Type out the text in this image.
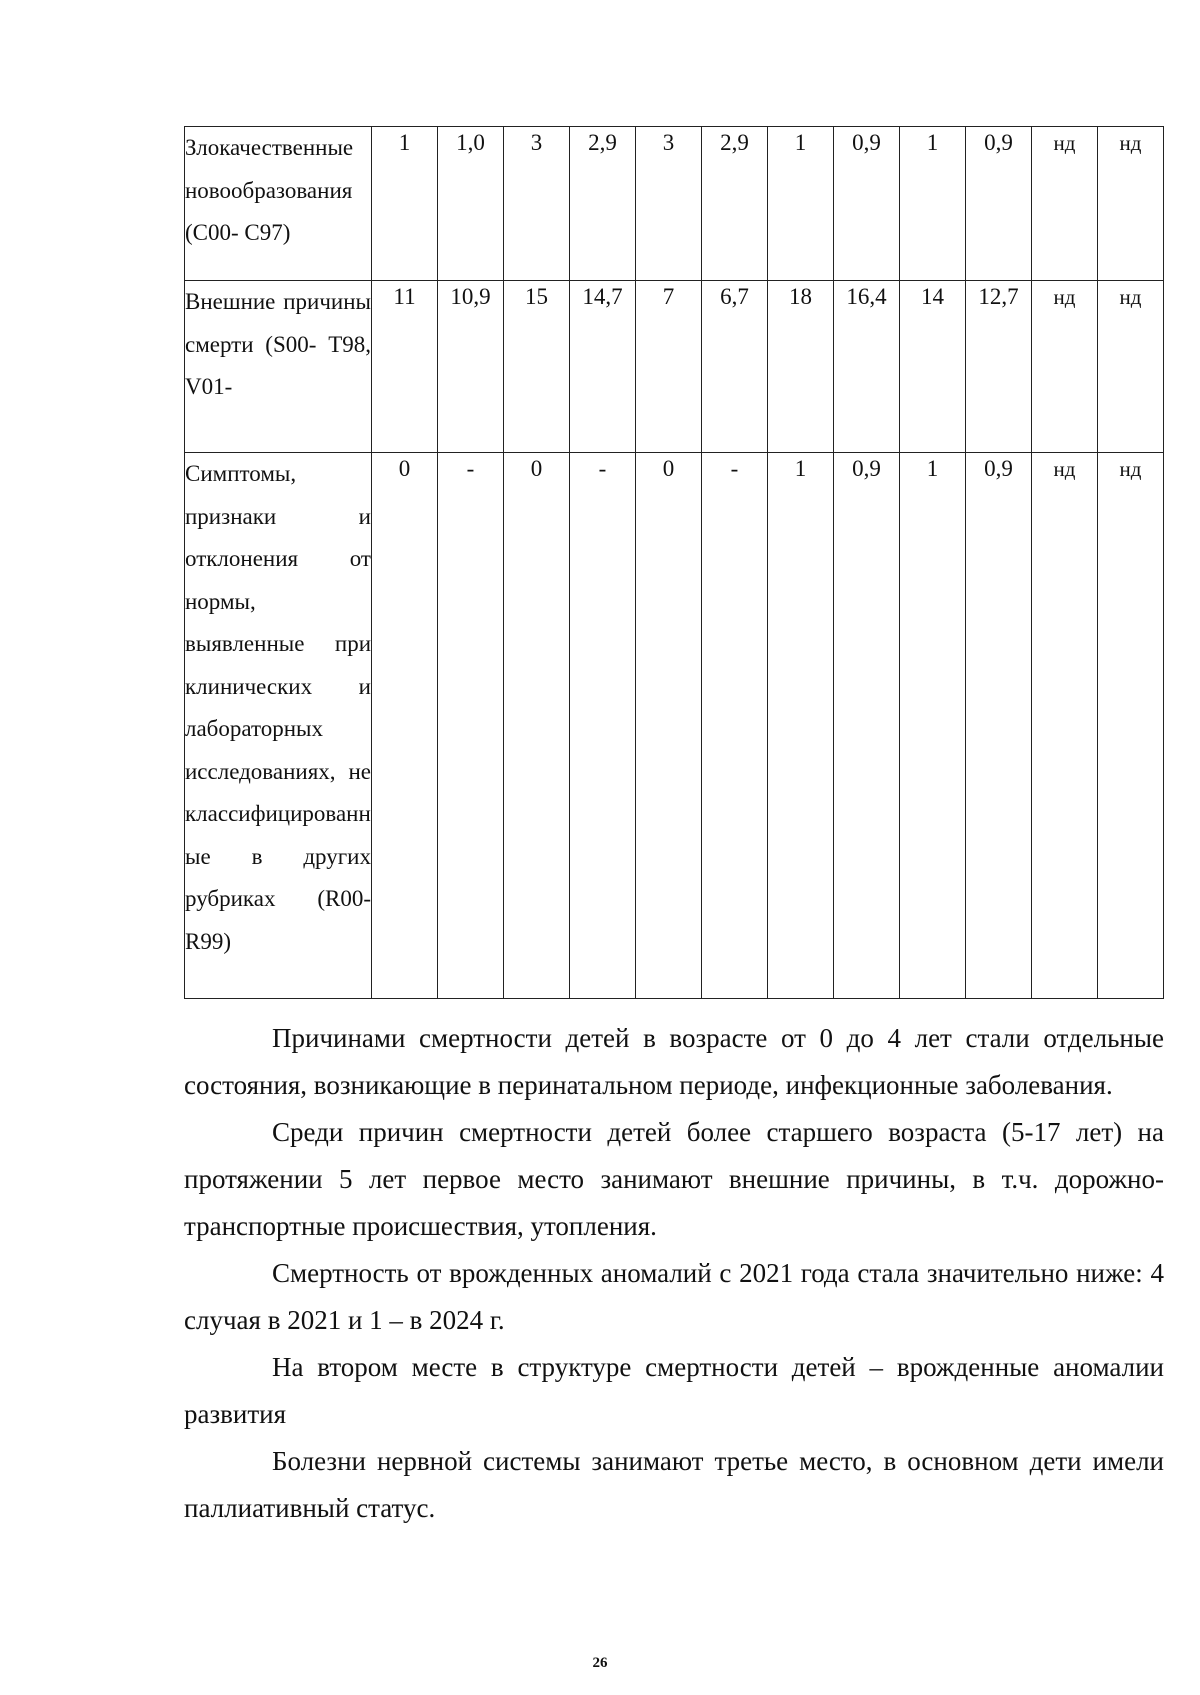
Злокачественные новообразования (С00- С97)	1	1,0	3	2,9	3	2,9	1	0,9	1	0,9	нд	нд
Внешние причины смерти (S00- Т98, V01-	11	10,9	15	14,7	7	6,7	18	16,4	14	12,7	нд	нд
Симптомы, признаки и отклонения от нормы, выявленные при клинических и лабораторных исследованиях, не классифицированные в других рубриках (R00- R99)	0	-	0	-	0	-	1	0,9	1	0,9	нд	нд

Причинами смертности детей в возрасте от 0 до 4 лет стали отдельные состояния, возникающие в перинатальном периоде, инфекционные заболевания.

Среди причин смертности детей более старшего возраста (5-17 лет) на протяжении 5 лет первое место занимают внешние причины, в т.ч. дорожно-транспортные происшествия, утопления.

Смертность от врожденных аномалий с 2021 года стала значительно ниже: 4 случая в 2021 и 1 – в 2024 г.

На втором месте в структуре смертности детей – врожденные аномалии развития

Болезни нервной системы занимают третье место, в основном дети имели паллиативный статус.

26
